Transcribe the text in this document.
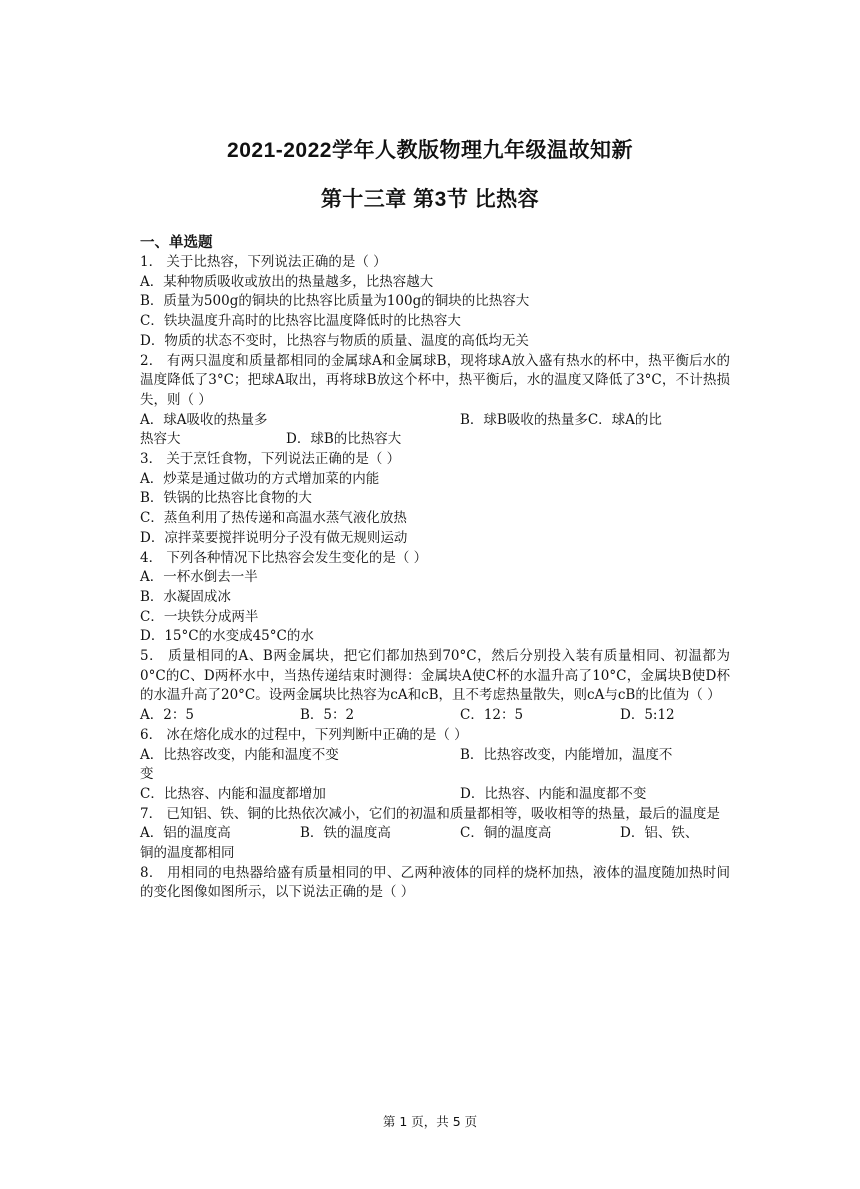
2021-2022学年人教版物理九年级温故知新
第十三章 第3节 比热容
一、单选题
1． 关于比热容，下列说法正确的是（ ）
A．某种物质吸收或放出的热量越多，比热容越大
B．质量为500g的铜块的比热容比质量为100g的铜块的比热容大
C．铁块温度升高时的比热容比温度降低时的比热容大
D．物质的状态不变时，比热容与物质的质量、温度的高低均无关
2． 有两只温度和质量都相同的金属球A和金属球B，现将球A放入盛有热水的杯中，热平衡后水的温度降低了3°C；把球A取出，再将球B放这个杯中，热平衡后，水的温度又降低了3°C，不计热损失，则（ ）
A．球A吸收的热量多	B．球B吸收的热量多C．球A的比
热容大	D．球B的比热容大
3． 关于烹饪食物，下列说法正确的是（ ）
A．炒菜是通过做功的方式增加菜的内能
B．铁锅的比热容比食物的大
C．蒸鱼利用了热传递和高温水蒸气液化放热
D．凉拌菜要搅拌说明分子没有做无规则运动
4． 下列各种情况下比热容会发生变化的是（ ）
A．一杯水倒去一半
B．水凝固成冰
C．一块铁分成两半
D．15°C的水变成45°C的水
5． 质量相同的A、B两金属块，把它们都加热到70°C，然后分别投入装有质量相同、初温都为0°C的C、D两杯水中，当热传递结束时测得：金属块A使C杯的水温升高了10°C，金属块B使D杯的水温升高了20°C。设两金属块比热容为cA和cB，且不考虑热量散失，则cA与cB的比值为（ ）
A．2：5	B．5：2	C．12：5	D．5:12
6． 冰在熔化成水的过程中，下列判断中正确的是（ ）
A．比热容改变，内能和温度不变	B．比热容改变，内能增加，温度不
变
C．比热容、内能和温度都增加	D．比热容、内能和温度都不变
7． 已知铝、铁、铜的比热依次减小，它们的初温和质量都相等，吸收相等的热量，最后的温度是
A．铝的温度高	B．铁的温度高	C．铜的温度高	D．铝、铁、
铜的温度都相同
8． 用相同的电热器给盛有质量相同的甲、乙两种液体的同样的烧杯加热，液体的温度随加热时间的变化图像如图所示，以下说法正确的是（ ）
第 1 页，共 5 页
